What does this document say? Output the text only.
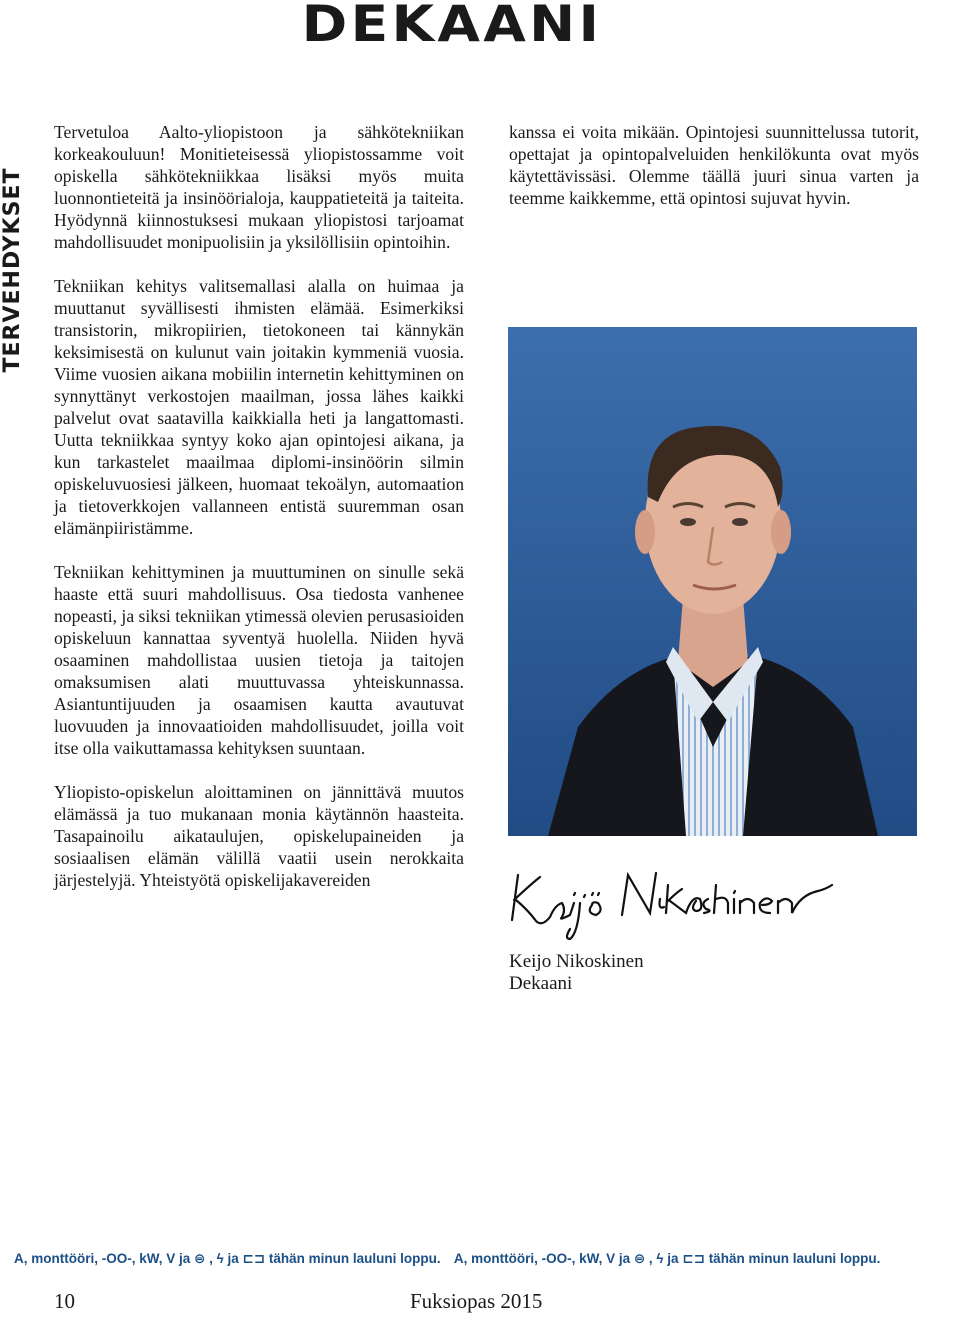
DEKAANI
TERVEHDYKSET

Tervetuloa Aalto-yliopistoon ja sähkötekniikan korkeakouluun! Monitieteisessä yliopistossamme voit opiskella sähkötekniikkaa lisäksi myös muita luonnontieteitä ja insinöörialoja, kauppatieteitä ja taiteita. Hyödynnä kiinnostuksesi mukaan yliopistosi tarjoamat mahdollisuudet monipuolisiin ja yksilöllisiin opintoihin.

Tekniikan kehitys valitsemallasi alalla on huimaa ja muuttanut syvällisesti ihmisten elämää. Esimerkiksi transistorin, mikropiirien, tietokoneen tai kännykän keksimisestä on kulunut vain joitakin kymmeniä vuosia. Viime vuosien aikana mobiilin internetin kehittyminen on synnyttänyt verkostojen maailman, jossa lähes kaikki palvelut ovat saatavilla kaikkialla heti ja langattomasti. Uutta tekniikkaa syntyy koko ajan opintojesi aikana, ja kun tarkastelet maailmaa diplomi-insinöörin silmin opiskeluvuosiesi jälkeen, huomaat tekoälyn, automaation ja tietoverkkojen vallanneen entistä suuremman osan elämänpiiristämme.

Tekniikan kehittyminen ja muuttuminen on sinulle sekä haaste että suuri mahdollisuus. Osa tiedosta vanhenee nopeasti, ja siksi tekniikan ytimessä olevien perusasioiden opiskeluun kannattaa syventyä huolella. Niiden hyvä osaaminen mahdollistaa uusien tietoja ja taitojen omaksumisen alati muuttuvassa yhteiskunnassa. Asiantuntijuuden ja osaamisen kautta avautuvat luovuuden ja innovaatioiden mahdollisuudet, joilla voit itse olla vaikuttamassa kehityksen suuntaan.

Yliopisto-opiskelun aloittaminen on jännittävä muutos elämässä ja tuo mukanaan monia käytännön haasteita. Tasapainoilu aikataulujen, opiskelupaineiden ja sosiaalisen elämän välillä vaatii usein nerokkaita järjestelyjä. Yhteistyötä opiskelijakavereiden

kanssa ei voita mikään. Opintojesi suunnittelussa tutorit, opettajat ja opintopalveluiden henkilökunta ovat myös käytettävissäsi. Olemme täällä juuri sinua varten ja teemme kaikkemme, että opintosi sujuvat hyvin.

Keijo Nikoskinen
Dekaani
A, monttööri, -OO-, kW, V ja ⊜ , ϟ ja ⊏⊐ tähän minun lauluni loppu. A, monttööri, -OO-, kW, V ja ⊜ , ϟ ja ⊏⊐ tähän minun lauluni loppu.
10	Fuksiopas 2015
